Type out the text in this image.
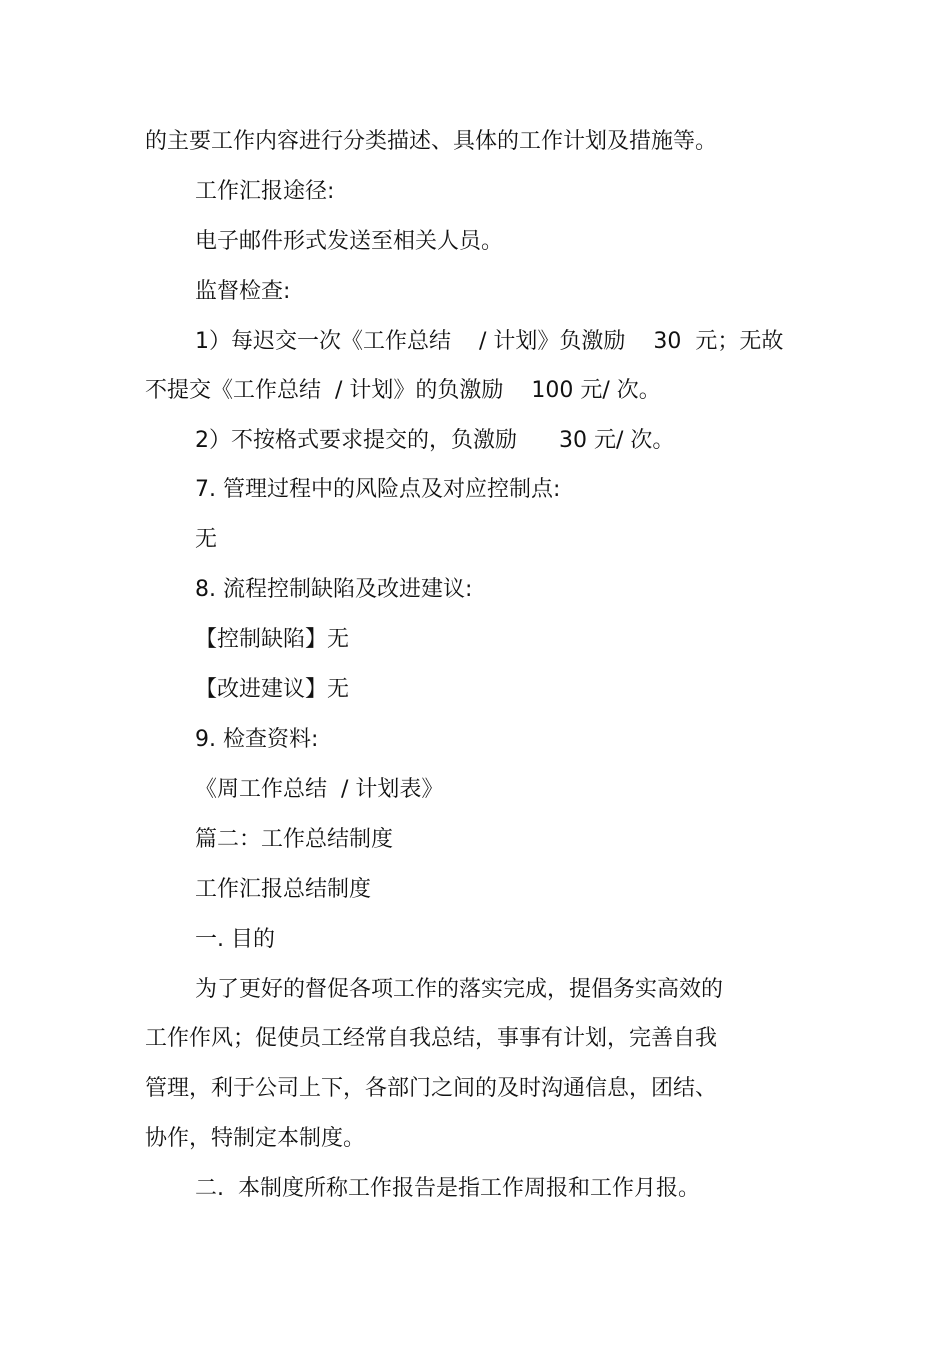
的主要工作内容进行分类描述、具体的工作计划及措施等。
工作汇报途径:
电子邮件形式发送至相关人员。
监督检查:
1）每迟交一次《工作总结    / 计划》负激励    30  元；无故
不提交《工作总结  / 计划》的负激励    100 元/ 次。
2）不按格式要求提交的，负激励      30 元/ 次。
7. 管理过程中的风险点及对应控制点:
无
8. 流程控制缺陷及改进建议:
【控制缺陷】无
【改进建议】无
9. 检查资料:
《周工作总结  / 计划表》
篇二：工作总结制度
工作汇报总结制度
一. 目的
为了更好的督促各项工作的落实完成，提倡务实高效的
工作作风；促使员工经常自我总结，事事有计划，完善自我
管理，利于公司上下，各部门之间的及时沟通信息，团结、
协作，特制定本制度。
二.  本制度所称工作报告是指工作周报和工作月报。
